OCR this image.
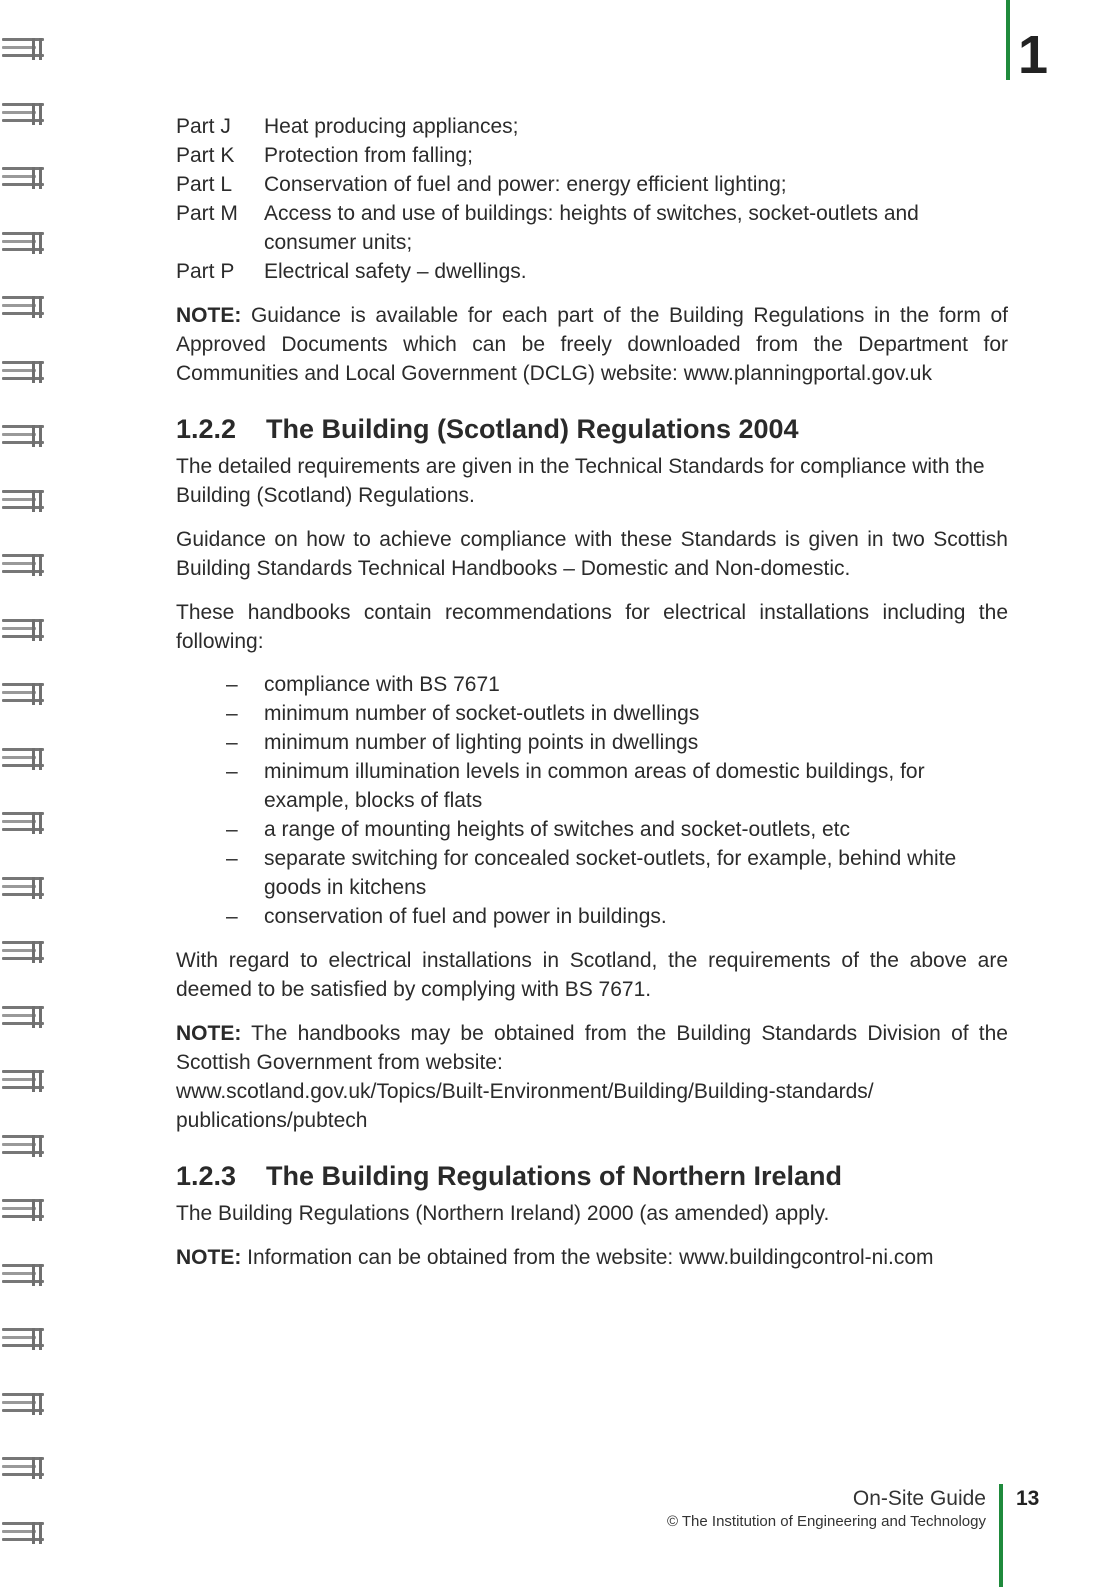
1
Part J	Heat producing appliances;
Part K	Protection from falling;
Part L	Conservation of fuel and power: energy efficient lighting;
Part M	Access to and use of buildings: heights of switches, socket-outlets and consumer units;
Part P	Electrical safety – dwellings.

NOTE: Guidance is available for each part of the Building Regulations in the form of Approved Documents which can be freely downloaded from the Department for Communities and Local Government (DCLG) website: www.planningportal.gov.uk

1.2.2 The Building (Scotland) Regulations 2004

The detailed requirements are given in the Technical Standards for compliance with the Building (Scotland) Regulations.

Guidance on how to achieve compliance with these Standards is given in two Scottish Building Standards Technical Handbooks – Domestic and Non-domestic.

These handbooks contain recommendations for electrical installations including the following:

–	compliance with BS 7671
–	minimum number of socket-outlets in dwellings
–	minimum number of lighting points in dwellings
–	minimum illumination levels in common areas of domestic buildings, for example, blocks of flats
–	a range of mounting heights of switches and socket-outlets, etc
–	separate switching for concealed socket-outlets, for example, behind white goods in kitchens
–	conservation of fuel and power in buildings.

With regard to electrical installations in Scotland, the requirements of the above are deemed to be satisfied by complying with BS 7671.

NOTE: The handbooks may be obtained from the Building Standards Division of the Scottish Government from website:

www.scotland.gov.uk/Topics/Built-Environment/Building/Building-standards/ publications/pubtech

1.2.3 The Building Regulations of Northern Ireland

The Building Regulations (Northern Ireland) 2000 (as amended) apply.

NOTE: Information can be obtained from the website: www.buildingcontrol-ni.com

On-Site Guide
© The Institution of Engineering and Technology
13
